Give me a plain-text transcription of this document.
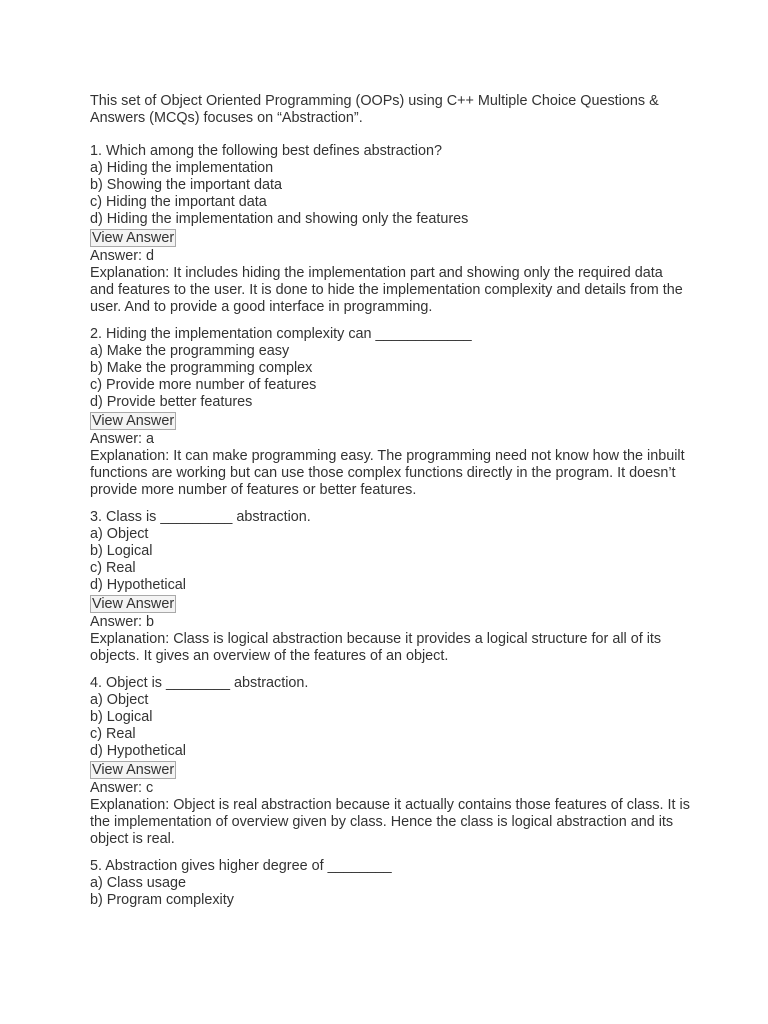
This set of Object Oriented Programming (OOPs) using C++ Multiple Choice Questions & Answers (MCQs) focuses on “Abstraction”.

1. Which among the following best defines abstraction?
a) Hiding the implementation
b) Showing the important data
c) Hiding the important data
d) Hiding the implementation and showing only the features
View Answer
Answer: d
Explanation: It includes hiding the implementation part and showing only the required data and features to the user. It is done to hide the implementation complexity and details from the user. And to provide a good interface in programming.
2. Hiding the implementation complexity can ____________
a) Make the programming easy
b) Make the programming complex
c) Provide more number of features
d) Provide better features
View Answer
Answer: a
Explanation: It can make programming easy. The programming need not know how the inbuilt functions are working but can use those complex functions directly in the program. It doesn’t provide more number of features or better features.
3. Class is _________ abstraction.
a) Object
b) Logical
c) Real
d) Hypothetical
View Answer
Answer: b
Explanation: Class is logical abstraction because it provides a logical structure for all of its objects. It gives an overview of the features of an object.
4. Object is ________ abstraction.
a) Object
b) Logical
c) Real
d) Hypothetical
View Answer
Answer: c
Explanation: Object is real abstraction because it actually contains those features of class. It is the implementation of overview given by class. Hence the class is logical abstraction and its object is real.
5. Abstraction gives higher degree of ________
a) Class usage
b) Program complexity
